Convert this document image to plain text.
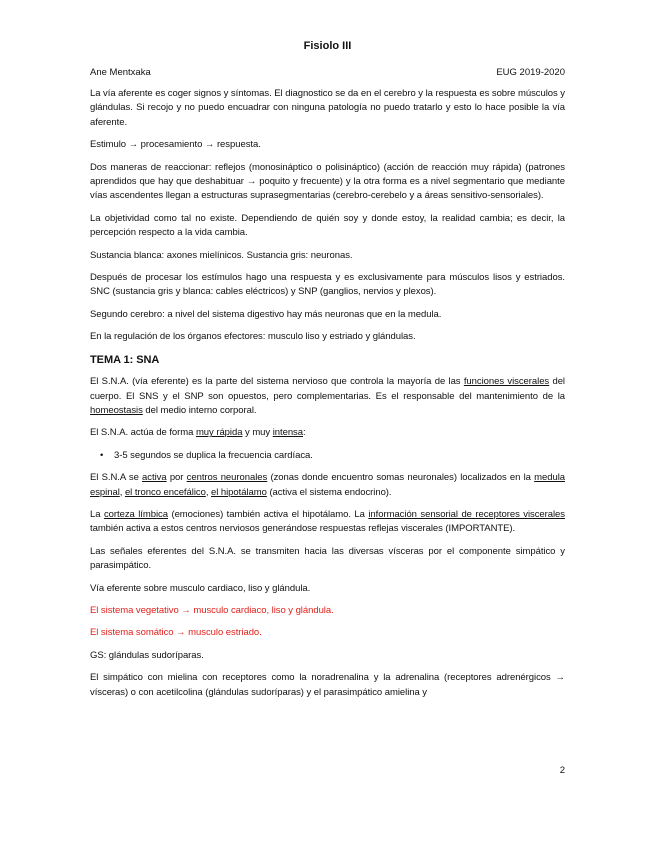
Fisiolo III
Ane Mentxaka	EUG 2019-2020

La vía aferente es coger signos y síntomas. El diagnostico se da en el cerebro y la respuesta es sobre músculos y glándulas. Si recojo y no puedo encuadrar con ninguna patología no puedo tratarlo y esto lo hace posible la vía aferente.

Estimulo → procesamiento → respuesta.

Dos maneras de reaccionar: reflejos (monosináptico o polisináptico) (acción de reacción muy rápida) (patrones aprendidos que hay que deshabituar → poquito y frecuente) y la otra forma es a nivel segmentario que mediante vías ascendentes llegan a estructuras suprasegmentarias (cerebro-cerebelo y a áreas sensitivo-sensoriales).

La objetividad como tal no existe. Dependiendo de quién soy y donde estoy, la realidad cambia; es decir, la percepción respecto a la vida cambia.

Sustancia blanca: axones mielínicos. Sustancia gris: neuronas.

Después de procesar los estímulos hago una respuesta y es exclusivamente para músculos lisos y estriados. SNC (sustancia gris y blanca: cables eléctricos) y SNP (ganglios, nervios y plexos).

Segundo cerebro: a nivel del sistema digestivo hay más neuronas que en la medula.

En la regulación de los órganos efectores: musculo liso y estriado y glándulas.

TEMA 1: SNA

El S.N.A. (vía eferente) es la parte del sistema nervioso que controla la mayoría de las funciones viscerales del cuerpo. El SNS y el SNP son opuestos, pero complementarias. Es el responsable del mantenimiento de la homeostasis del medio interno corporal.

El S.N.A. actúa de forma muy rápida y muy intensa:

• 3-5 segundos se duplica la frecuencia cardíaca.

El S.N.A se activa por centros neuronales (zonas donde encuentro somas neuronales) localizados en la medula espinal, el tronco encefálico, el hipotálamo (activa el sistema endocrino).

La corteza límbica (emociones) también activa el hipotálamo. La información sensorial de receptores viscerales también activa a estos centros nerviosos generándose respuestas reflejas viscerales (IMPORTANTE).

Las señales eferentes del S.N.A. se transmiten hacia las diversas vísceras por el componente simpático y parasimpático.

Vía eferente sobre musculo cardiaco, liso y glándula.

El sistema vegetativo → musculo cardiaco, liso y glándula.

El sistema somático → musculo estriado.

GS: glándulas sudoríparas.

El simpático con mielina con receptores como la noradrenalina y la adrenalina (receptores adrenérgicos → vísceras) o con acetilcolina (glándulas sudoríparas) y el parasimpático amielina y

2
